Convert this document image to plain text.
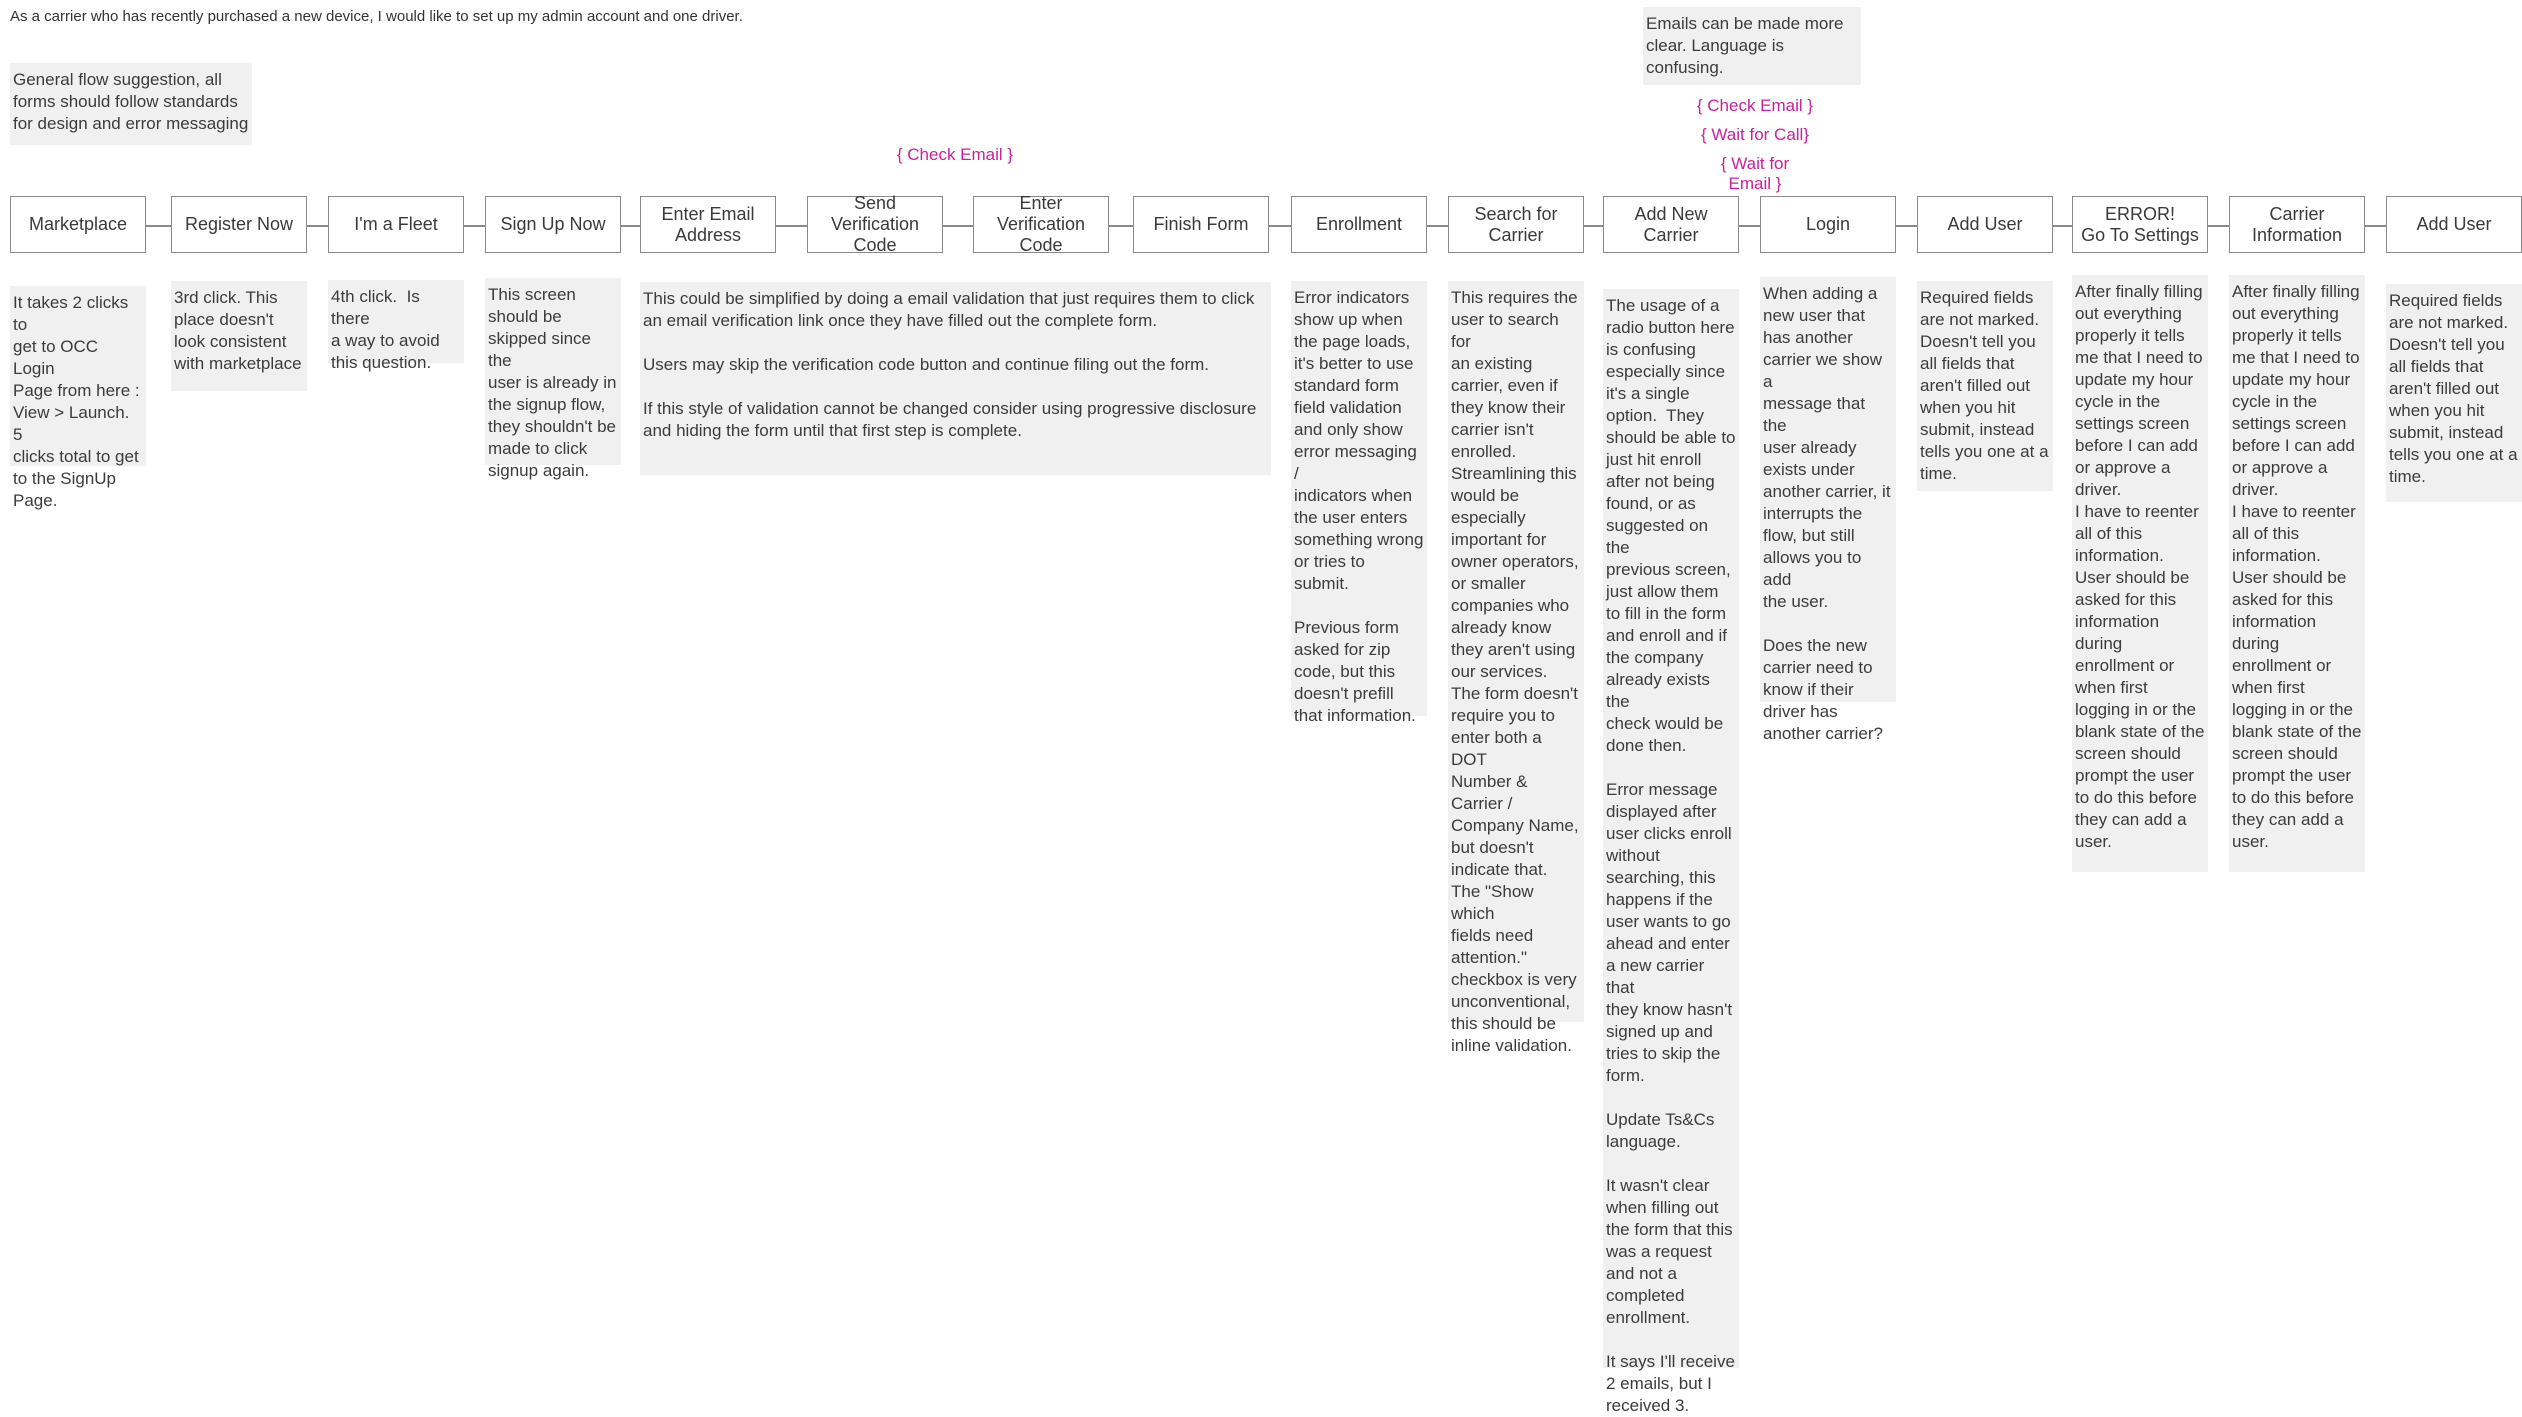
As a carrier who has recently purchased a new device, I would like to set up my admin account and one driver.
General flow suggestion, all
forms should follow standards
for design and error messaging
Emails can be made more
clear. Language is
confusing.
{ Check Email }
{ Check Email }
{ Wait for Call}
{ Wait for
Email }
Marketplace	Register Now	I'm a Fleet	Sign Up Now
Enter Email
Address
Send Verification
Code
Enter Verification
Code
Finish Form	Enrollment
Search for
Carrier
Add New Carrier
Login	Add User
ERROR!
Go To Settings
Carrier
Information
Add User
It takes 2 clicks to
get to OCC Login
Page from here :
View > Launch. 5
clicks total to get
to the SignUp
Page.
3rd click. This
place doesn't
look consistent
with marketplace
4th click.  Is there
a way to avoid
this question.
This screen
should be
skipped since the
user is already in
the signup flow,
they shouldn't be
made to click
signup again.
This could be simplified by doing a email validation that just requires them to click
an email verification link once they have filled out the complete form.

Users may skip the verification code button and continue filing out the form.

If this style of validation cannot be changed consider using progressive disclosure
and hiding the form until that first step is complete.
Error indicators
show up when
the page loads,
it's better to use
standard form
field validation
and only show
error messaging /
indicators when
the user enters
something wrong
or tries to
submit.

Previous form
asked for zip
code, but this
doesn't prefill
that information.
This requires the
user to search for
an existing
carrier, even if
they know their
carrier isn't
enrolled.
Streamlining this
would be
especially
important for
owner operators,
or smaller
companies who
already know
they aren't using
our services.
The form doesn't
require you to
enter both a DOT
Number &
Carrier /
Company Name,
but doesn't
indicate that.
The "Show which
fields need
attention."
checkbox is very
unconventional,
this should be
inline validation.
The usage of a
radio button here
is confusing
especially since
it's a single
option.  They
should be able to
just hit enroll
after not being
found, or as
suggested on the
previous screen,
just allow them
to fill in the form
and enroll and if
the company
already exists the
check would be
done then.

Error message
displayed after
user clicks enroll
without
searching, this
happens if the
user wants to go
ahead and enter
a new carrier that
they know hasn't
signed up and
tries to skip the
form.

Update Ts&Cs
language.

It wasn't clear
when filling out
the form that this
was a request
and not a
completed
enrollment.

It says I'll receive
2 emails, but I
received 3.
When adding a
new user that
has another
carrier we show a
message that the
user already
exists under
another carrier, it
interrupts the
flow, but still
allows you to add
the user.

Does the new
carrier need to
know if their
driver has
another carrier?
Required fields
are not marked.
Doesn't tell you
all fields that
aren't filled out
when you hit
submit, instead
tells you one at a
time.
After finally filling
out everything
properly it tells
me that I need to
update my hour
cycle in the
settings screen
before I can add
or approve a
driver.
I have to reenter
all of this
information.
User should be
asked for this
information
during
enrollment or
when first
logging in or the
blank state of the
screen should
prompt the user
to do this before
they can add a
user.
After finally filling
out everything
properly it tells
me that I need to
update my hour
cycle in the
settings screen
before I can add
or approve a
driver.
I have to reenter
all of this
information.
User should be
asked for this
information
during
enrollment or
when first
logging in or the
blank state of the
screen should
prompt the user
to do this before
they can add a
user.
Required fields
are not marked.
Doesn't tell you
all fields that
aren't filled out
when you hit
submit, instead
tells you one at a
time.
